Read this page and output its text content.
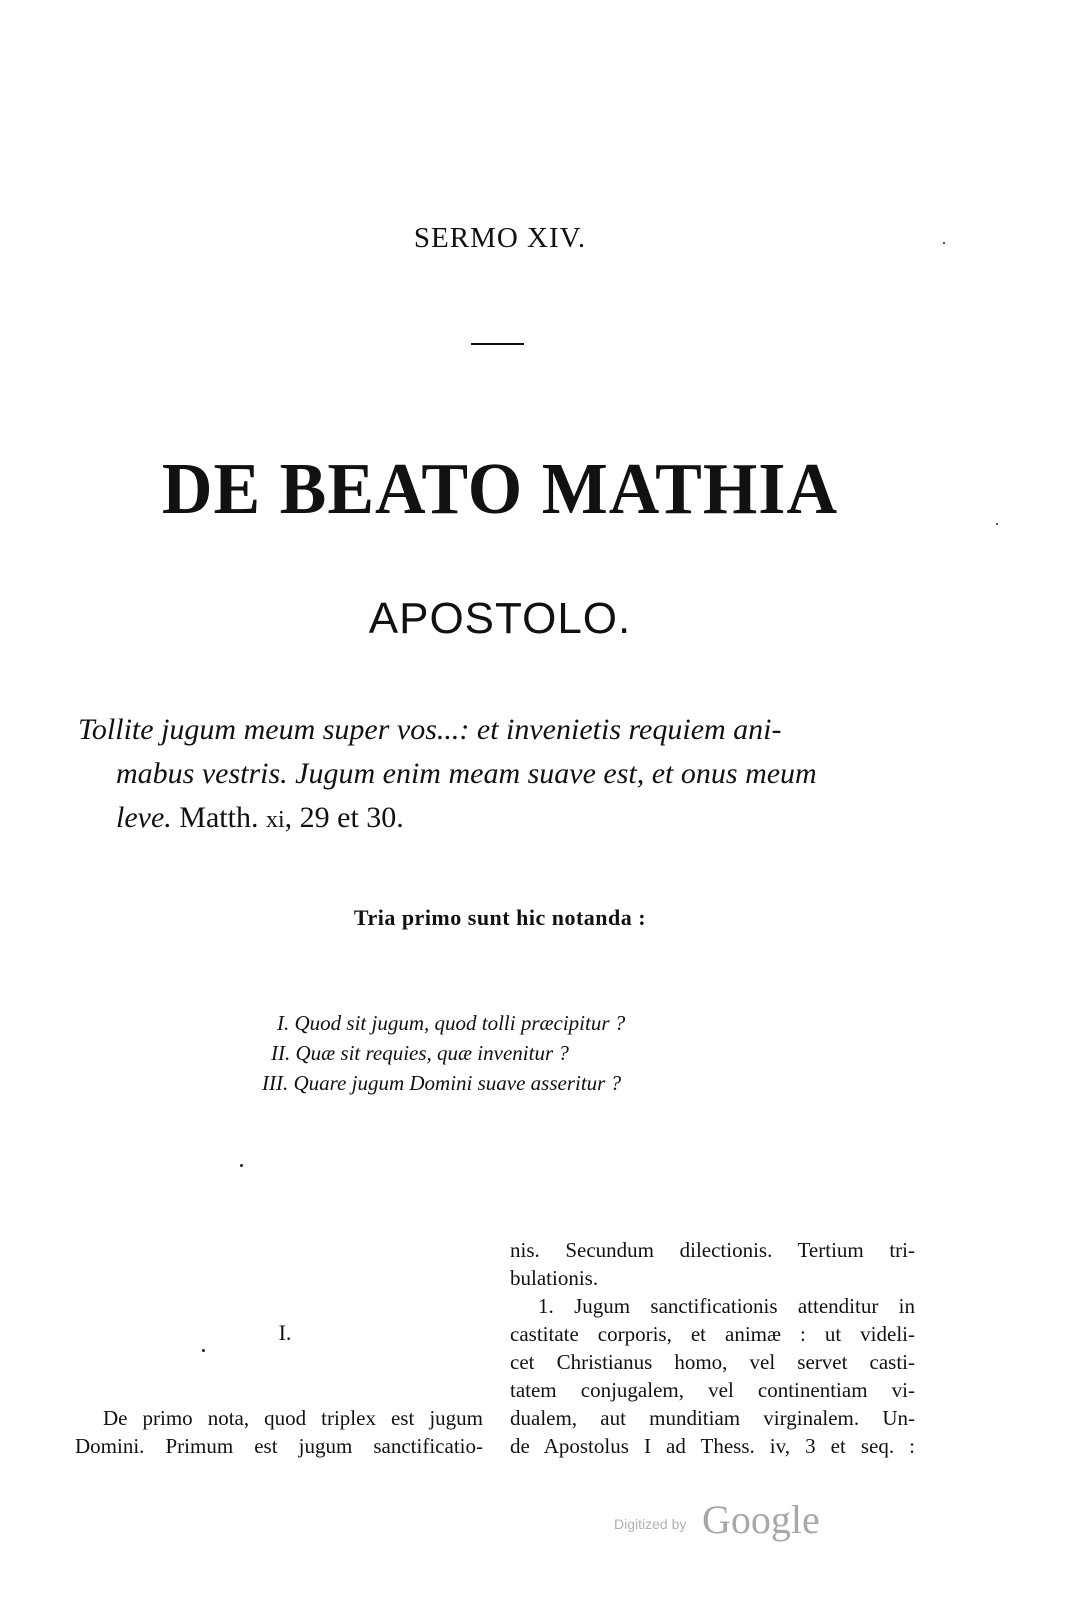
SERMO XIV.
DE BEATO MATHIA
APOSTOLO.
Tollite jugum meum super vos...: et invenietis requiem ani-
mabus vestris. Jugum enim meam suave est, et onus meum
leve. Matth. xi, 29 et 30.
Tria primo sunt hic notanda :
I. Quod sit jugum, quod tolli præcipitur ?
II. Quæ sit requies, quæ invenitur ?
III. Quare jugum Domini suave asseritur ?
I.
De primo nota, quod triplex est jugum
Domini. Primum est jugum sanctificatio-
nis. Secundum dilectionis. Tertium tri-
bulationis.
1. Jugum sanctificationis attenditur in
castitate corporis, et animæ : ut videli-
cet Christianus homo, vel servet casti-
tatem conjugalem, vel continentiam vi-
dualem, aut munditiam virginalem. Un-
de Apostolus I ad Thess. iv, 3 et seq. :
Digitized by Google
